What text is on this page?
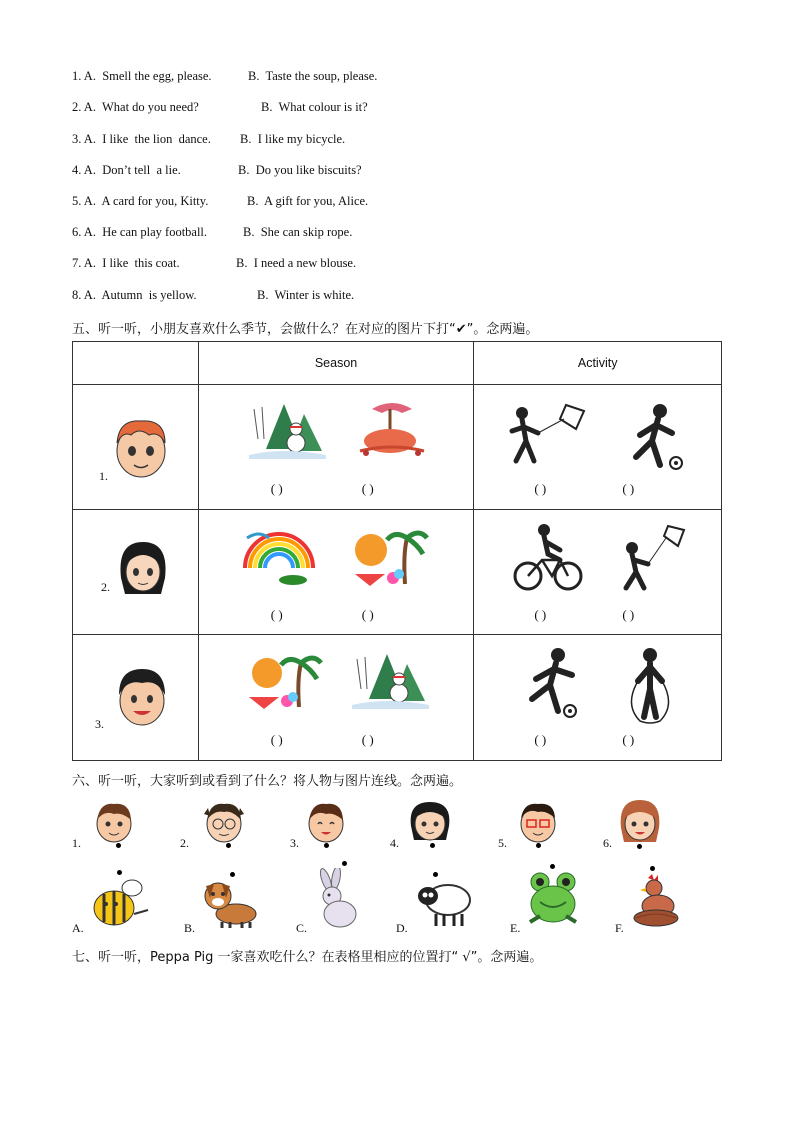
1. A.  Smell the egg, please.	B.  Taste the soup, please.
2. A.  What do you need?	B.  What colour is it?
3. A.  I like  the lion  dance. B.  I like my bicycle.
4. A.  Don’t tell  a lie.	B.  Do you like biscuits?
5. A.  A card for you, Kitty.	B.  A gift for you, Alice.
6. A.  He can play football.	B.  She can skip rope.
7. A.  I like  this coat.	B.  I need a new blouse.
8. A.  Autumn  is yellow.	B.  Winter is white.
五、听一听，小朋友喜欢什么季节，会做什么？在对应的图片下打“✔”。念两遍。
	Season	Activity

1.	( ) ( )	( ) ( )

2.	( ) ( )	( ) ( )

3.	( ) ( )	( ) ( )
六、听一听，大家听到或看到了什么？将人物与图片连线。念两遍。
1.	2.	3.	4.	5.	6.
A.	B.	C.	D.	E.	F.
七、听一听，Peppa Pig 一家喜欢吃什么？在表格里相应的位置打“ √”。念两遍。
